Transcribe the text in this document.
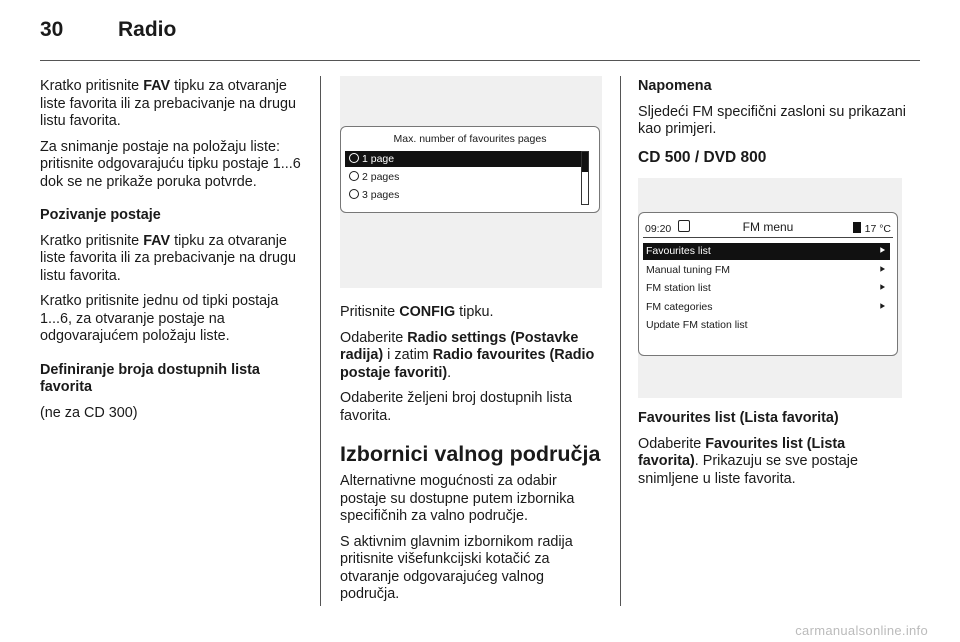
30	Radio

Kratko pritisnite FAV tipku za otvaranje liste favorita ili za prebacivanje na drugu listu favorita.

Za snimanje postaje na položaju liste: pritisnite odgovarajuću tipku postaje 1...6 dok se ne prikaže poruka potvrde.

Pozivanje postaje

Kratko pritisnite FAV tipku za otvaranje liste favorita ili za prebacivanje na drugu listu favorita.

Kratko pritisnite jednu od tipki postaja 1...6, za otvaranje postaje na odgovarajućem položaju liste.

Definiranje broja dostupnih lista favorita

(ne za CD 300)

Max. number of favourites pages
1 page
2 pages
3 pages

Pritisnite CONFIG tipku.

Odaberite Radio settings (Postavke radija) i zatim Radio favourites (Radio postaje favoriti).

Odaberite željeni broj dostupnih lista favorita.

Izbornici valnog područja

Alternativne mogućnosti za odabir postaje su dostupne putem izbornika specifičnih za valno područje.

S aktivnim glavnim izbornikom radija pritisnite višefunkcijski kotačić za otvaranje odgovarajućeg valnog područja.

Napomena

Sljedeći FM specifični zasloni su prikazani kao primjeri.

CD 500 / DVD 800
09:20	FM menu	17 °C
Favourites list	⯈
Manual tuning FM	⯈
FM station list	⯈
FM categories	⯈
Update FM station list

Favourites list (Lista favorita)

Odaberite Favourites list (Lista favorita). Prikazuju se sve postaje snimljene u liste favorita.

carmanualsonline.info
